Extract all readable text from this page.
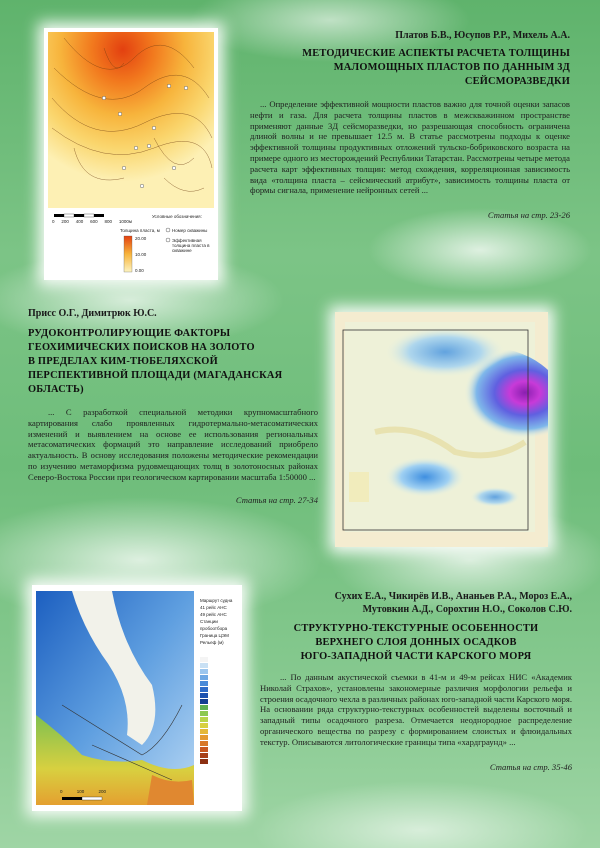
0 200 400 600 800 1000м
Толщина пласта, м
20.00
10.00
0.00
Условные обозначения:
Номер скважины
Эффективная толщина пласта в скважине
Платов Б.В., Юсупов Р.Р., Михель А.А.
МЕТОДИЧЕСКИЕ АСПЕКТЫ РАСЧЕТА ТОЛЩИНЫ
МАЛОМОЩНЫХ ПЛАСТОВ ПО ДАННЫМ 3Д
СЕЙСМОРАЗВЕДКИ
... Определение эффективной мощности пластов важно для точной оценки запасов нефти и газа. Для расчета толщины пластов в межскважинном пространстве применяют данные 3Д сейсморазведки, но разрешающая способность ограничена длиной волны и не превышает 12.5 м. В статье рассмотрены подходы к оценке эффективной толщины продуктивных отложений тульско-бобриковского возраста на примере одного из месторождений Республики Татарстан. Рассмотрены четыре метода расчета карт эффективных толщин: метод схождения, корреляционная зависимость вида «толщина пласта – сейсмический атрибут», зависимость толщины пласта от формы сигнала, применение нейронных сетей ...
Статья на стр. 23-26
Присс О.Г., Димитрюк Ю.С.
РУДОКОНТРОЛИРУЮЩИЕ ФАКТОРЫ
ГЕОХИМИЧЕСКИХ ПОИСКОВ НА ЗОЛОТО
В ПРЕДЕЛАХ КИМ-ТЮБЕЛЯХСКОЙ
ПЕРСПЕКТИВНОЙ ПЛОЩАДИ (МАГАДАНСКАЯ
ОБЛАСТЬ)
... С разработкой специальной методики крупномасштабного картирования слабо проявленных гидротермально-метасоматических изменений и выявлением на основе ее использования региональных метасоматических формаций это направление исследований приобрело актуальность. В основу исследования положены методические рекомендации по изучению метаморфизма рудовмещающих толщ в золотоносных районах Северо-Востока России при геологическом картировании масштаба 1:50000 ...
Статья на стр. 27-34
Маршрут судна
41 рейс АНС
49 рейс АНС
Станции пробоотбора
Граница ЦЭМ
Рельеф (м)
0	100	200
Сухих Е.А., Чикирёв И.В., Ананьев Р.А., Мороз Е.А.,
Мутовкин А.Д., Сорохтин Н.О., Соколов С.Ю.
СТРУКТУРНО-ТЕКСТУРНЫЕ ОСОБЕННОСТИ
ВЕРХНЕГО СЛОЯ ДОННЫХ ОСАДКОВ
ЮГО-ЗАПАДНОЙ ЧАСТИ КАРСКОГО МОРЯ
... По данным акустической съемки в 41-м и 49-м рейсах НИС «Академик Николай Страхов», установлены закономерные различия морфологии рельефа и строения осадочного чехла в различных районах юго-западной части Карского моря. На основании ряда структурно-текстурных особенностей выделены восточный и западный типы осадочного разреза. Отмечается неоднородное распределение органического вещества по разрезу с формированием слоистых и флюидальных текстур. Описываются литологические границы типа «хардграунд» ...
Статья на стр. 35-46
